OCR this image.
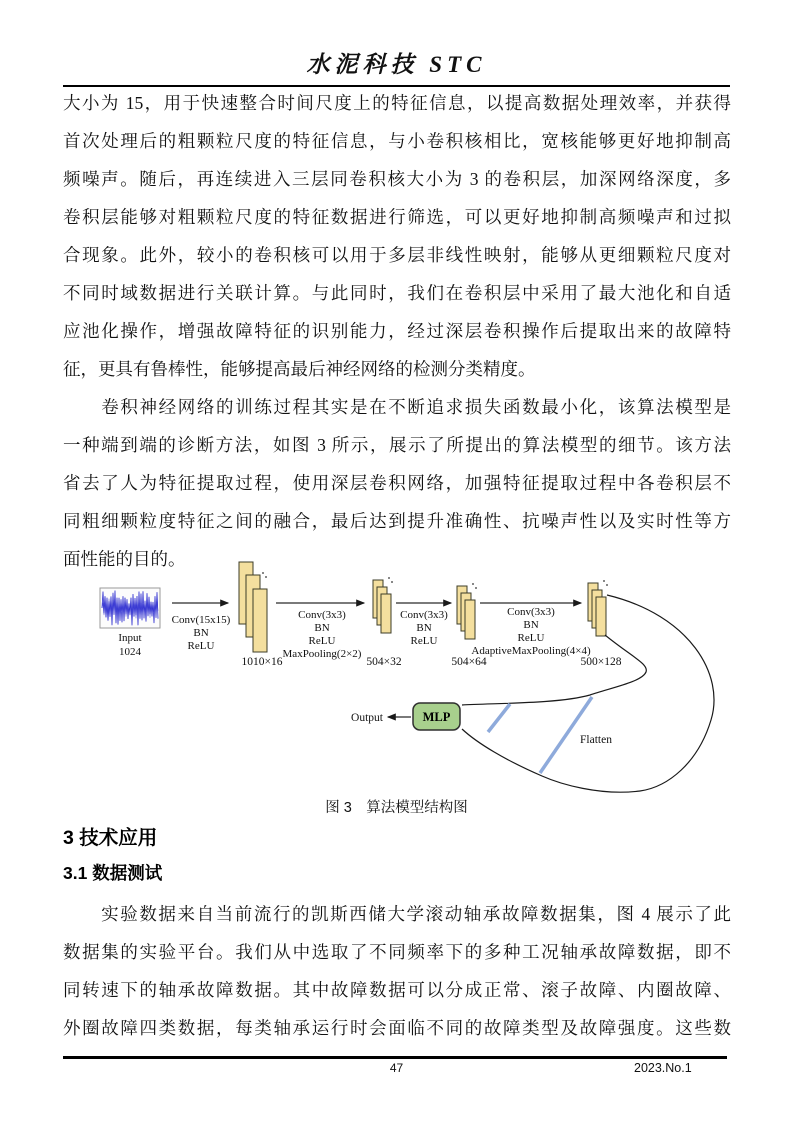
水泥科技 STC
大小为 15，用于快速整合时间尺度上的特征信息，以提高数据处理效率，并获得
首次处理后的粗颗粒尺度的特征信息，与小卷积核相比，宽核能够更好地抑制高
频噪声。随后，再连续进入三层同卷积核大小为 3 的卷积层，加深网络深度，多
卷积层能够对粗颗粒尺度的特征数据进行筛选，可以更好地抑制高频噪声和过拟
合现象。此外，较小的卷积核可以用于多层非线性映射，能够从更细颗粒尺度对
不同时域数据进行关联计算。与此同时，我们在卷积层中采用了最大池化和自适
应池化操作，增强故障特征的识别能力，经过深层卷积操作后提取出来的故障特
征，更具有鲁棒性，能够提高最后神经网络的检测分类精度。
　　卷积神经网络的训练过程其实是在不断追求损失函数最小化，该算法模型是
一种端到端的诊断方法，如图 3 所示，展示了所提出的算法模型的细节。该方法
省去了人为特征提取过程，使用深层卷积网络，加强特征提取过程中各卷积层不
同粗细颗粒度特征之间的融合，最后达到提升准确性、抗噪声性以及实时性等方
面性能的目的。
Input
1024
Conv(15x15)
BN
ReLU
1010×16
Conv(3x3)
BN
ReLU
MaxPooling(2×2)
504×32
Conv(3x3)
BN
ReLU
504×64
Conv(3x3)
BN
ReLU
AdaptiveMaxPooling(4×4)
500×128
Flatten
MLP
Output
图 3　算法模型结构图
3 技术应用
3.1 数据测试
　　实验数据来自当前流行的凯斯西储大学滚动轴承故障数据集，图 4 展示了此
数据集的实验平台。我们从中选取了不同频率下的多种工况轴承故障数据，即不
同转速下的轴承故障数据。其中故障数据可以分成正常、滚子故障、内圈故障、
外圈故障四类数据，每类轴承运行时会面临不同的故障类型及故障强度。这些数
47	2023.No.1
